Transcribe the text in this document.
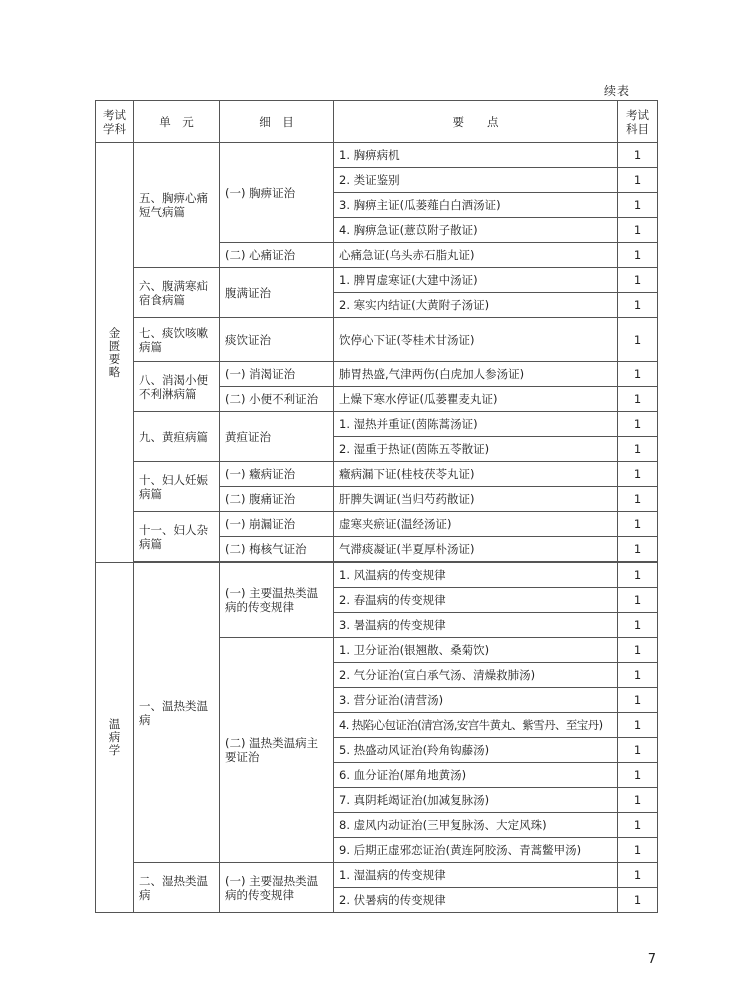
续表
考试学科	单　元	细　目	要　　点	考试科目
金匮要略	五、胸痹心痛短气病篇	(一) 胸痹证治	1. 胸痹病机	1
			2. 类证鉴别	1
			3. 胸痹主证(瓜蒌薤白白酒汤证)	1
			4. 胸痹急证(薏苡附子散证)	1
		(二) 心痛证治	心痛急证(乌头赤石脂丸证)	1
	六、腹满寒疝宿食病篇	腹满证治	1. 脾胃虚寒证(大建中汤证)	1
			2. 寒实内结证(大黄附子汤证)	1
	七、痰饮咳嗽病篇	痰饮证治	饮停心下证(苓桂术甘汤证)	1
	八、消渴小便不利淋病篇	(一) 消渴证治	肺胃热盛,气津两伤(白虎加人参汤证)	1
		(二) 小便不利证治	上燥下寒水停证(瓜蒌瞿麦丸证)	1
	九、黄疸病篇	黄疸证治	1. 湿热并重证(茵陈蒿汤证)	1
			2. 湿重于热证(茵陈五苓散证)	1
	十、妇人妊娠病篇	(一) 癥病证治	癥病漏下证(桂枝茯苓丸证)	1
		(二) 腹痛证治	肝脾失调证(当归芍药散证)	1
	十一、妇人杂病篇	(一) 崩漏证治	虚寒夹瘀证(温经汤证)	1
		(二) 梅核气证治	气滞痰凝证(半夏厚朴汤证)	1

温病学	一、温热类温病	(一) 主要温热类温病的传变规律	1. 风温病的传变规律	1
			2. 春温病的传变规律	1
			3. 暑温病的传变规律	1
		(二) 温热类温病主要证治	1. 卫分证治(银翘散、桑菊饮)	1
			2. 气分证治(宣白承气汤、清燥救肺汤)	1
			3. 营分证治(清营汤)	1
			4. 热陷心包证治(清宫汤,安宫牛黄丸、紫雪丹、至宝丹)	1
			5. 热盛动风证治(羚角钩藤汤)	1
			6. 血分证治(犀角地黄汤)	1
			7. 真阴耗竭证治(加减复脉汤)	1
			8. 虚风内动证治(三甲复脉汤、大定风珠)	1
			9. 后期正虚邪恋证治(黄连阿胶汤、青蒿鳖甲汤)	1
	二、湿热类温病	(一) 主要湿热类温病的传变规律	1. 湿温病的传变规律	1
			2. 伏暑病的传变规律	1
7
